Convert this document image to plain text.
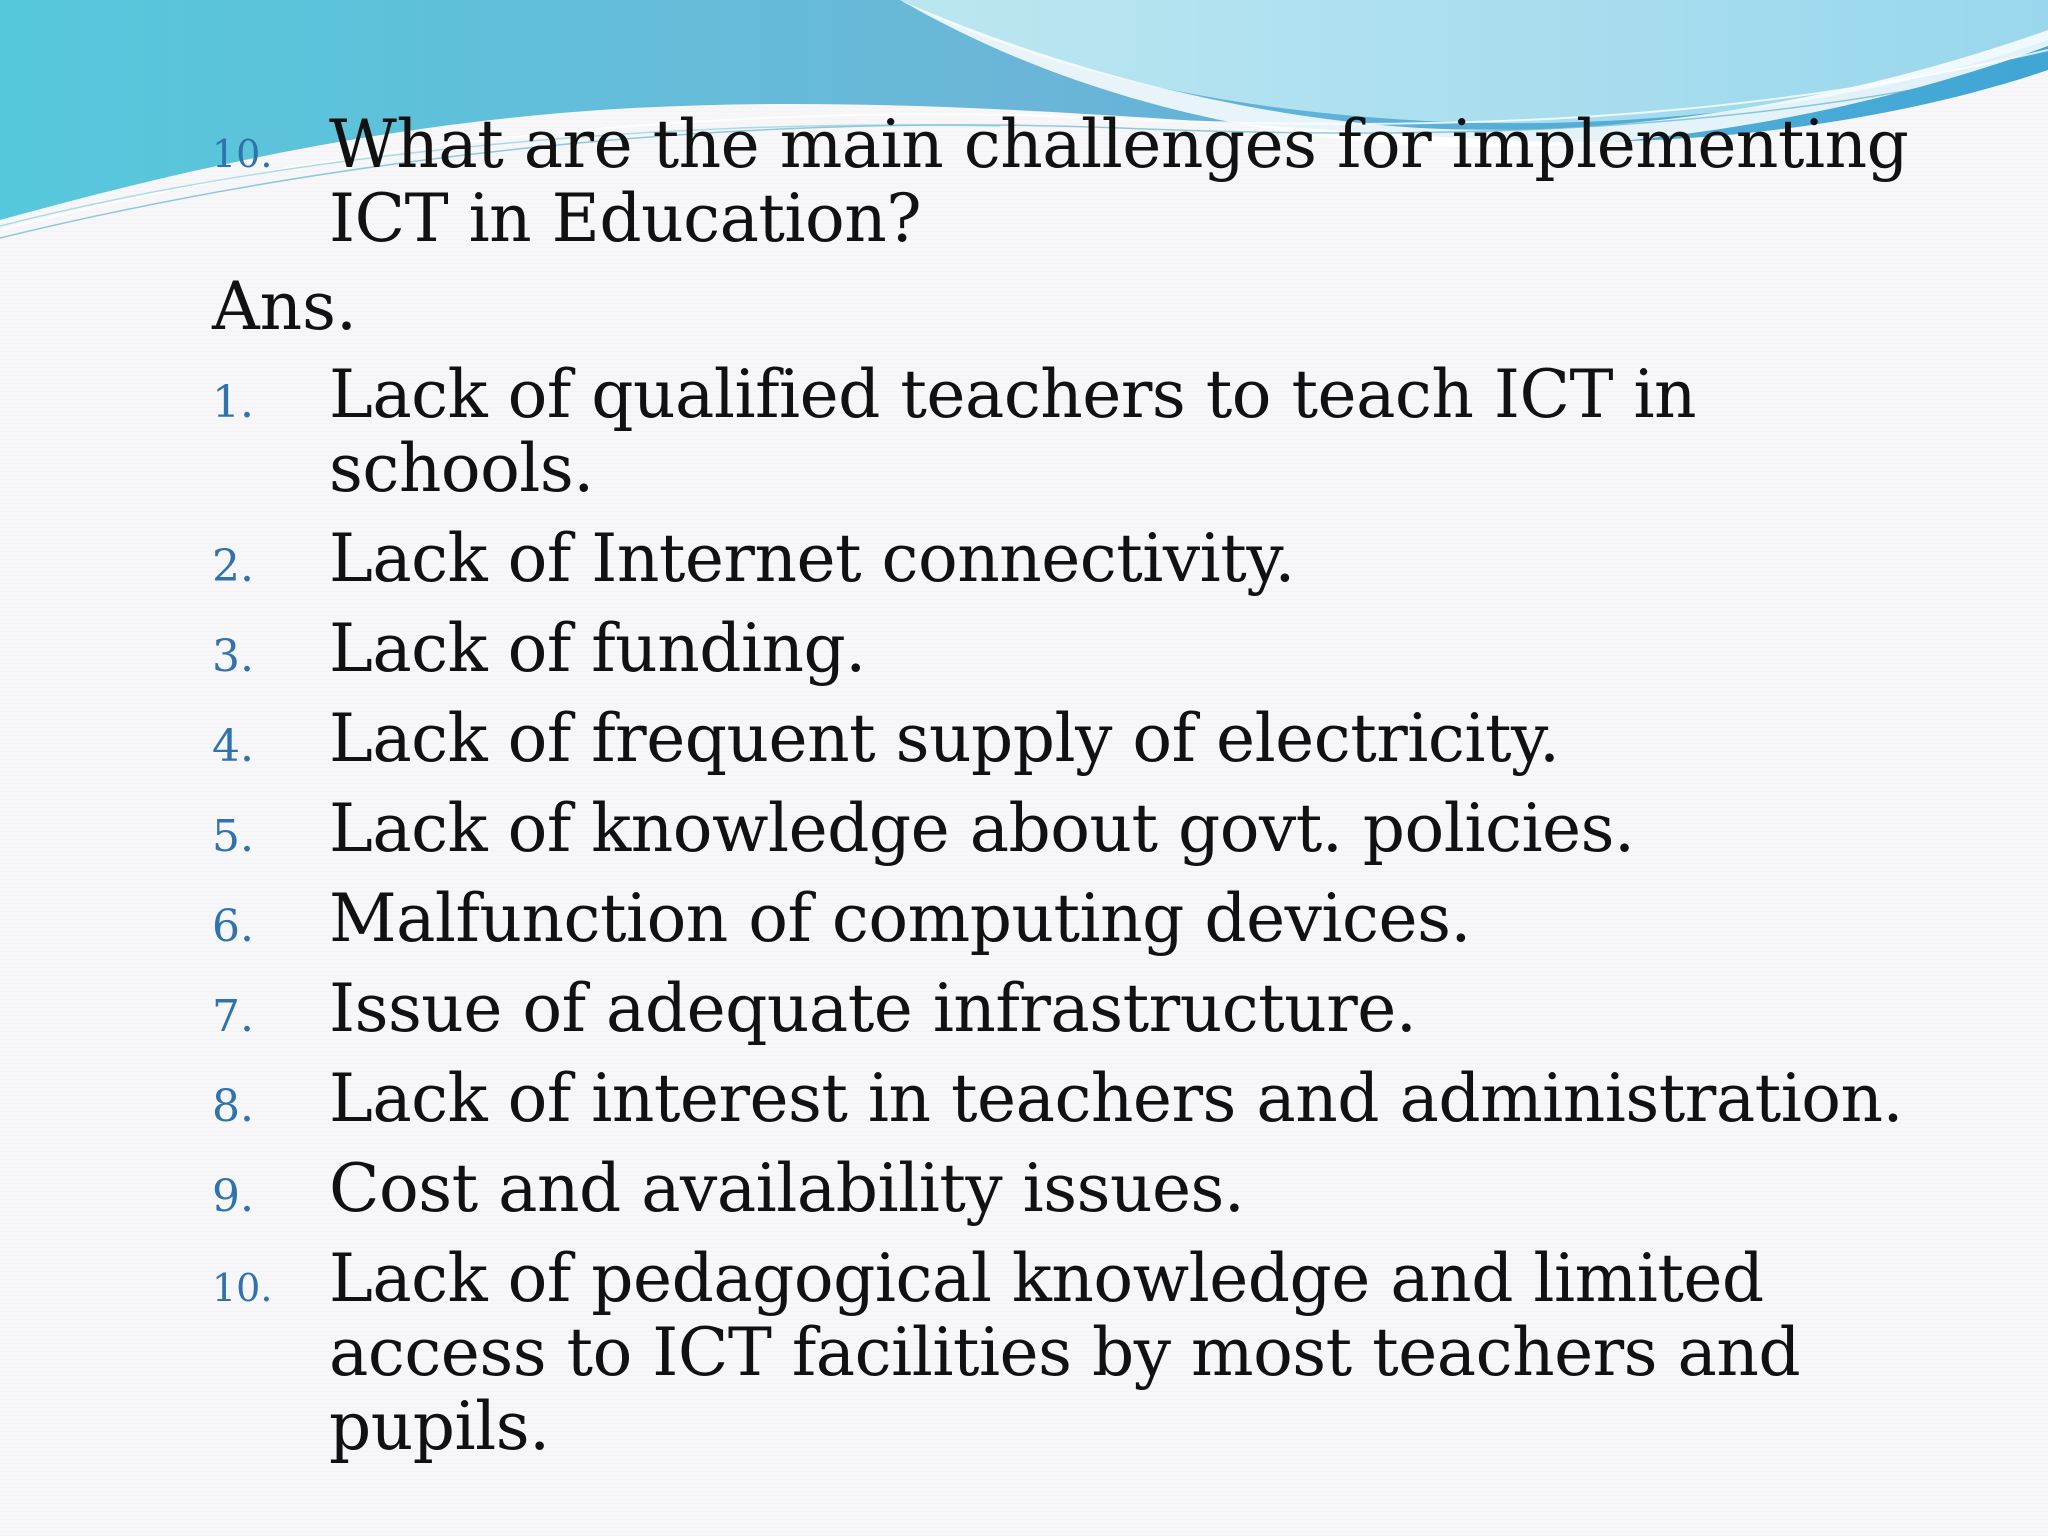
10. What are the main challenges for implementing ICT in Education?
Ans.
1.	Lack of qualified teachers to teach ICT in schools.
2.	Lack of Internet connectivity.
3.	Lack of funding.
4.	Lack of frequent supply of electricity.
5.	Lack of knowledge about govt. policies.
6.	Malfunction of computing devices.
7.	Issue of adequate infrastructure.
8.	Lack of interest in teachers and administration.
9.	Cost and availability issues.
10. Lack of pedagogical knowledge and limited access to ICT facilities by most teachers and pupils.
